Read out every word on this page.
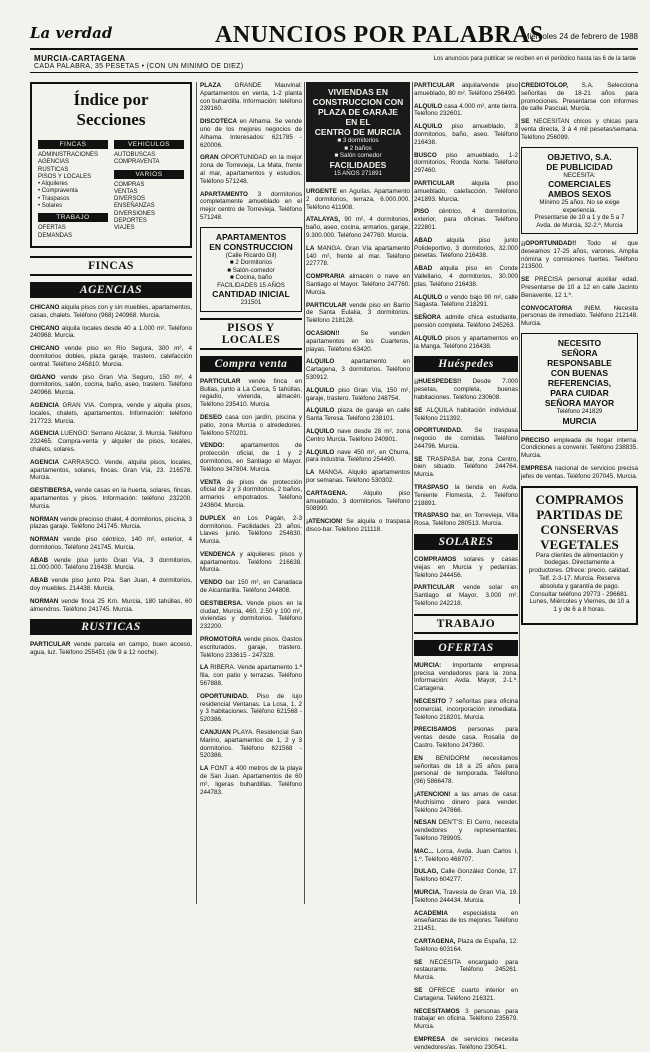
La verdad	ANUNCIOS POR PALABRAS
Miércoles 24 de febrero de 1988
MURCIA-CARTAGENA
CADA PALABRA, 35 PESETAS • (CON UN MINIMO DE DIEZ)
Los anuncios para publicar se reciben en el periódico hasta las 6 de la tarde
Índice por Secciones
FINCAS
ADMINISTRACIONES
AGENCIAS
RUSTICAS
PISOS Y LOCALES
• Alquileres
• Compraventa
• Traspasos
• Solares
TRABAJO
OFERTAS
DEMANDAS
VEHICULOS
AUTOBUSCAS
COMPRAVENTA
VARIOS
COMPRAS
VENTAS
DIVERSOS
ENSEÑANZAS
DIVERSIONES
DEPORTES
VIAJES
FINCAS
AGENCIAS
CHICANO alquila pisos con y sin muebles, apartamentos, casas, chalets. Teléfono (968) 240968. Murcia.
CHICANO alquila locales desde 40 a 1.000 m². Teléfono 240968. Murcia.
CHICANO vende piso en Río Segura, 300 m², 4 dormitorios dobles, plaza garaje, trastero, calefacción central. Teléfono 245810. Murcia.
GIGANO vende piso Gran Vía Seguro, 150 m², 4 dormitorios, salón, cocina, baño, aseo, trastero. Teléfono 240968. Murcia.
AGENCIA GRAN VIA. Compra, vende y alquila pisos, locales, chalets, apartamentos. Información: teléfono 217723. Murcia.
AGENCIA LUENGO: Serrano Alcázar, 3. Murcia. Teléfono 232465. Compra-venta y alquiler de pisos, locales, chalets, solares.
AGENCIA CARRASCO. Vende, alquila pisos, locales, apartamentos, solares, fincas. Gran Vía, 23. 216578. Murcia.
GESTIBERSA, vende casas en la huerta, solares, fincas, apartamentos y pisos. Información: teléfono 232200. Murcia.
NORMAN vende precioso chalet, 4 dormitorios, piscina, 3 plazas garaje. Teléfono 241745. Murcia.
NORMAN vende piso céntrico, 140 m², exterior, 4 dormitorios. Teléfono 241745. Murcia.
ABAB vende piso junto Gran Vía, 3 dormitorios, 11.000.000. Teléfono 216438. Murcia.
ABAB vende piso junto Pza. San Juan, 4 dormitorios, doy muebles. 214438. Murcia.
NORMAN vende finca 25 Km. Murcia, 180 tahúllas, 60 almendros. Teléfono 241745. Murcia.
RUSTICAS
PARTICULAR vende parcela en campo, buen acceso, agua, luz. Teléfono 255451 (de 9 a 12 noche).
PLAZA GRANDE Mauvinal: Apartamentos en venta, 1-2 planta con buhardilla. Información: teléfono 239160.
DISCOTECA en Alhama. Se vende uno de los mejores negocios de Alhama. Interesados: 621785 - 620006.
GRAN OPORTUNIDAD en la mejor zona de Torrevieja, La Mata, frente al mar, apartamentos y estudios. Teléfono 571248.
APARTAMENTO 3 dormitorios completamente amueblado en el mejor centro de Torrevieja. Teléfono 571248.
APARTAMENTOS
EN CONSTRUCCION
(Calle Ricardo Gil)
■ 2 Dormitorios
■ Salón-comedor
■ Cocina, baño
FACILIDADES 15 AÑOS
CANTIDAD INICIAL
231501
PISOS Y LOCALES
Compra venta
PARTICULAR vende finca en Bullas, junto a La Cerca, 5 tahúllas, regadío, vivienda, almacén. Teléfono 235410. Murcia.
DESEO casa con jardín, piscina y patio, zona Murcia o alrededores. Teléfono 570201.
VENDO: apartamentos de protección oficial, de 1 y 2 dormitorios, en Santiago el Mayor. Teléfono 347804. Murcia.
VENTA de pisos de protección oficial de 2 y 3 dormitorios, 2 baños, armarios empotrados. Teléfono 243604. Murcia.
DUPLEX en Los Pagán, 2-3 dormitorios. Facilidades 23 años. Llaves junio. Teléfono 254630. Murcia.
VENDENCA y alquileres: pisos y apartamentos. Teléfono 216638. Murcia.
VENDO bar 150 m², en Canadaca de Alcantarilla. Teléfono 244808.
GESTIBERSA. Vende pisos en la ciudad, Murcia, 460, 2.50 y 100 m², viviendas y dormitorios. Teléfono 232200.
PROMOTORA vende pisos. Gastos escriturados, garaje, trastero. Teléfono 233615 - 247328.
LA RIBERA. Vende apartamento 1.ª fila, con patio y terrazas. Teléfono 567888.
OPORTUNIDAD. Piso de lujo residencial Ventanas. La Losa, 1, 2 y 3 habitaciones. Teléfono 621568 - 520386.
CANJUAN PLAYA. Residencial San Marino, apartamentos de 1, 2 y 3 dormitorios. Teléfono 621568 - 520386.
LA FONT a 400 metros de la playa de San Juan. Apartamentos de 60 m², ligeras buhardillas. Teléfono 244783.
VIVIENDAS EN
CONSTRUCCION CON
PLAZA DE GARAJE
EN EL
CENTRO DE MURCIA
■ 3 dormitorios
■ 2 baños
■ Salón comedor
FACILIDADES
15 AÑOS 271891
URGENTE en Aguilas. Apartamento 2 dormitorios, terraza, 6.000.000. Teléfono 411908.
ATALAYAS, 90 m², 4 dormitorios, baño, aseo, cocina, armarios, garaje, 9.300.000. Teléfono 247760. Murcia.
LA MANGA. Gran Vía apartamento 140 m², frente al mar. Teléfono 227778.
COMPRARIA almacén o nave en Santiago el Mayor. Teléfono 247760. Murcia.
PARTICULAR vende piso en Barrio de Santa Eulalia, 3 dormitorios. Teléfono 218128.
OCASION!! Se venden apartamentos en los Cuarteros, playas. Teléfono 63420.
ALQUILO apartamento en Cartagena, 3 dormitorios. Teléfono 530912.
ALQUILO piso Gran Vía, 150 m², garaje, trastero. Teléfono 248754.
ALQUILO plaza de garaje en calle Santa Teresa. Teléfono 238101.
ALQUILO nave desde 28 m², zona Centro Murcia. Teléfono 240901.
ALQUILO nave 450 m², en Churra, para industria. Teléfono 254490.
LA MANGA. Alquilo apartamentos por semanas. Teléfono 530302.
CARTAGENA. Alquilo piso amueblado, 3 dormitorios. Teléfono 508990.
¡ATENCION! Se alquila o traspasa disco-bar. Teléfono 211118.
PARTICULAR alquila/vende piso amueblado, 80 m². Teléfono 256490.
ALQUILO casa 4.000 m², ante tierra. Teléfono 232601.
ALQUILO piso amueblado, 3 dormitorios, baño, aseo. Teléfono 216438.
BUSCO piso amueblado, 1-2 dormitorios, Ronda Norte. Teléfono 297460.
PARTICULAR alquila piso amueblado, calefacción. Teléfono 241893. Murcia.
PISO céntrico, 4 dormitorios, exterior, para oficinas. Teléfono 222801.
ABAD alquila piso junto Polideportivo, 3 dormitorios, 32.000 pesetas. Teléfono 216438.
ABAD alquila piso en Conde Vallellano, 4 dormitorios, 30.000 ptas. Teléfono 216438.
ALQUILO o vendo bajo 90 m², calle Sagasta. Teléfono 218291.
SEÑORA admite chica estudiante, pensión completa. Teléfono 245263.
ALQUILO pisos y apartamentos en la Manga. Teléfono 216438.
Huéspedes
¡¡HUESPEDES!! Desde 7.000 pesetas, completa, buenas habitaciones. Teléfono 230608.
SE ALQUILA habitación individual. Teléfono 211392.
OPORTUNIDAD. Se traspasa negocio de comidas. Teléfono 244796. Murcia.
SE TRASPASA bar, zona Centro, bien situado. Teléfono 244764. Murcia.
TRASPASO la tienda en Avda. Teniente Flomesta, 2. Teléfono 218891.
TRASPASO bar, en Torrevieja, Villa Rosa. Teléfono 280513. Murcia.
SOLARES
COMPRAMOS solares y casas viejas en Murcia y pedanías. Teléfono 244456.
PARTICULAR vende solar en Santiago el Mayor, 3.000 m². Teléfono 242218.
TRABAJO
OFERTAS
MURCIA: Importante empresa precisa vendedores para la zona. Información: Avda. Mayor, 2-1.º. Cartagena.
NECESITO 7 señoritas para oficina comercial, incorporación inmediata. Teléfono 218201. Murcia.
PRECISAMOS personas para ventas desde casa. Rosalía de Castro. Teléfono 247360.
EN BENIDORM necesitamos señoritas de 18 a 25 años para personal de temporada. Teléfono (96) 5866478.
¡ATENCION! a las amas de casa: Muchísimo dinero para vender. Teléfono 247866.
NESAN DEN'T'S: El Cerro, necesita vendedores y representantes. Teléfono 789905.
MAC... Lorca, Avda. Juan Carlos I, 1.º. Teléfono 468707.
DULAG, Calle González Conde, 17. Teléfono 604277.
MURCIA, Travesía de Gran Vía, 19. Teléfono 244434. Murcia.
ACADEMIA especialista en enseñanzas de los mejores. Teléfono 211451.
CARTAGENA, Plaza de España, 12. Teléfono 603164.
SE NECESITA encargado para restaurante. Teléfono 245261. Murcia.
SE OFRECE cuarto interior en Cartagena. Teléfono 216321.
NECESITAMOS 3 personas para trabajar en oficina. Teléfono 235679. Murcia.
EMPRESA de servicios necesita vendedores/as. Teléfono 230541.
CREDIOTOLOP, S.A. Selecciona señoritas de 18-21 años para promociones. Presentarse con informes de calle Pascual, Murcia.
SE NECESITAN chicos y chicas para venta directa, 3 á 4 mil pesetas/semana. Teléfono 256099.
OBJETIVO, S.A.
DE PUBLICIDAD
NECESITA:
COMERCIALES
AMBOS SEXOS
Mínimo 25 años. No se exige experiencia.
Presentarse de 10 a 1 y de 5 a 7
Avda. de Murcia, 32-2.ª, Murcia
¡¡OPORTUNIDAD!! Todo el que deseamos 17-25 años, varones, Amplia nómina y comisiones fuertes. Teléfono 213500.
SE PRECISA personal auxiliar edad. Presentarse de 10 a 12 en calle Jacinto Benavente, 12 1.º.
CONVOCATORIA INEM. Necesita personas de inmediato. Teléfono 212148. Murcia.
NECESITO
SEÑORA
RESPONSABLE
CON BUENAS
REFERENCIAS,
PARA CUIDAR
SEÑORA MAYOR
Teléfono 241829
MURCIA
PRECISO empleada de hogar interna. Condiciones a convenir. Teléfono 238835. Murcia.
EMPRESA nacional de servicios precisa jefes de ventas. Teléfono 207045. Murcia.
COMPRAMOS PARTIDAS DE
CONSERVAS VEGETALES
Para clientes de alimentación y bodegas. Directamente a productores. Ofrece: precio, calidad. Telf. 2-3-17. Murcia. Reserva absoluta y garantía de pago. Consultar teléfono 29773 - 296681. Lunes, Miércoles y Viernes, de 10 a 1 y de 6 a 8 horas.
